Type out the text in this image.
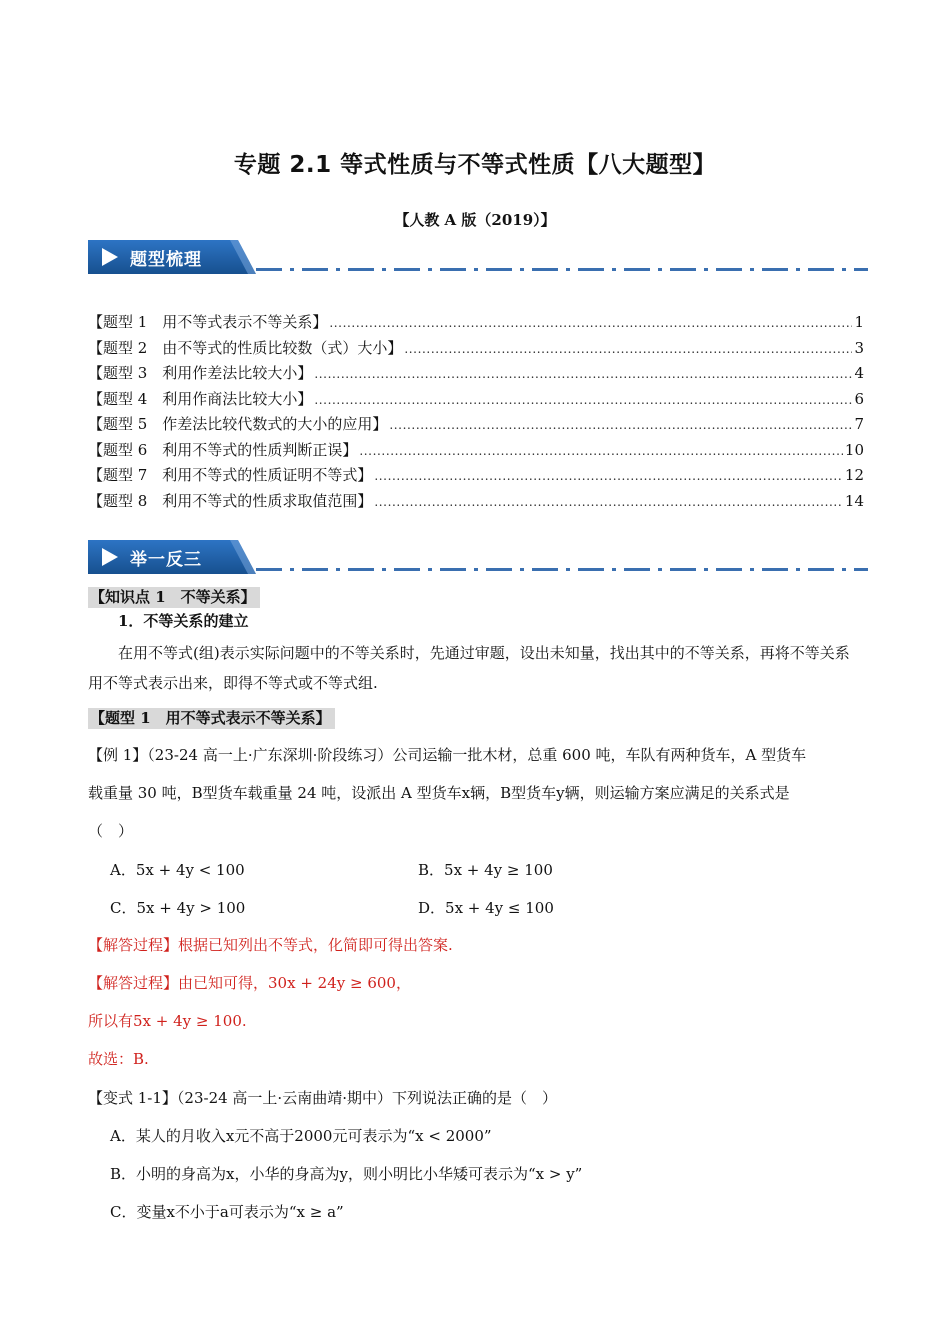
专题 2.1 等式性质与不等式性质【八大题型】
【人教 A 版（2019）】
题型梳理
【题型 1　用不等式表示不等关系】 .....	1
【题型 2　由不等式的性质比较数（式）大小】 .....	3
【题型 3　利用作差法比较大小】 .....	4
【题型 4　利用作商法比较大小】 .....	6
【题型 5　作差法比较代数式的大小的应用】 .....	7
【题型 6　利用不等式的性质判断正误】 .....	10
【题型 7　利用不等式的性质证明不等式】 .....	12
【题型 8　利用不等式的性质求取值范围】 .....	14
举一反三
【知识点 1　不等关系】
1．不等关系的建立
在用不等式(组)表示实际问题中的不等关系时，先通过审题，设出未知量，找出其中的不等关系，再将不等关系用不等式表示出来，即得不等式或不等式组.
【题型 1　用不等式表示不等关系】
【例 1】（23-24 高一上·广东深圳·阶段练习）公司运输一批木材，总重 600 吨，车队有两种货车，A 型货车
载重量 30 吨，B型货车载重量 24 吨，设派出 A 型货车x辆，B型货车y辆，则运输方案应满足的关系式是
（　）
A．5x + 4y < 100	B．5x + 4y ≥ 100
C．5x + 4y > 100	D．5x + 4y ≤ 100
【解答过程】根据已知列出不等式，化简即可得出答案.
【解答过程】由已知可得，30x + 24y ≥ 600，
所以有5x + 4y ≥ 100.
故选：B.
【变式 1-1】（23-24 高一上·云南曲靖·期中）下列说法正确的是（　）
A．某人的月收入x元不高于2000元可表示为“x < 2000”
B．小明的身高为x，小华的身高为y，则小明比小华矮可表示为“x > y”
C．变量x不小于a可表示为“x ≥ a”
